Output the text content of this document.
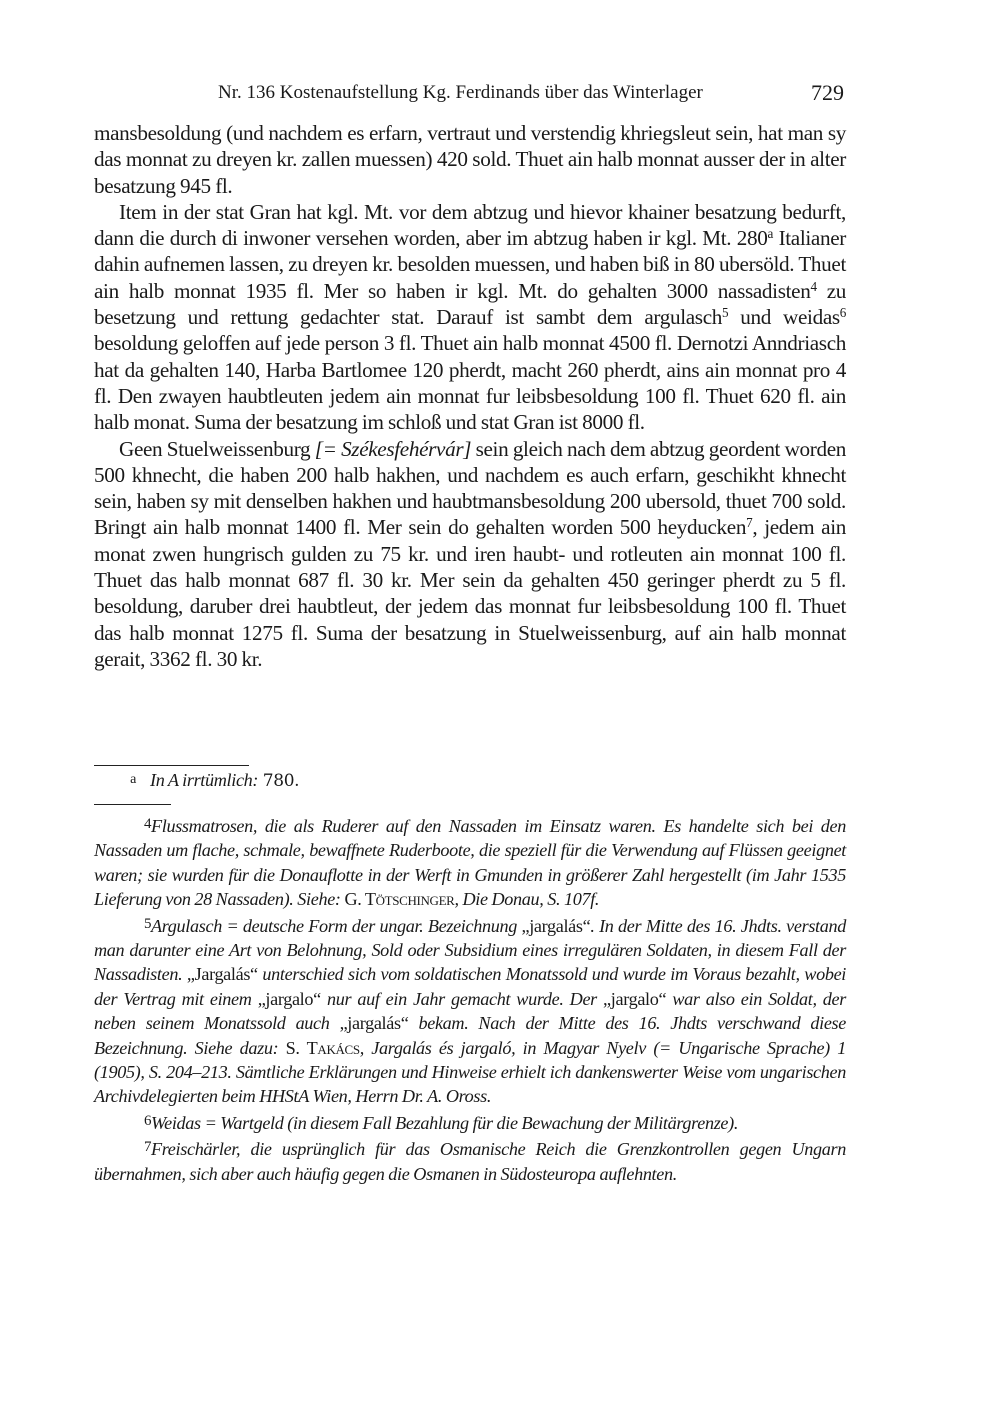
Nr. 136 Kostenaufstellung Kg. Ferdinands über das Winterlager	729

mansbesoldung (und nachdem es erfarn, vertraut und verstendig khriegsleut sein, hat man sy das monnat zu dreyen kr. zallen muessen) 420 sold. Thuet ain halb monnat ausser der in alter besatzung 945 fl.

Item in der stat Gran hat kgl. Mt. vor dem abtzug und hievor khainer besatzung bedurft, dann die durch di inwoner versehen worden, aber im abtzug haben ir kgl. Mt. 280$^a$ Italianer dahin aufnemen lassen, zu dreyen kr. besolden muessen, und haben biß in 80 ubersöld. Thuet ain halb monnat 1935 fl. Mer so haben ir kgl. Mt. do gehalten 3000 nassadisten$^4$ zu besetzung und rettung gedachter stat. Darauf ist sambt dem argulasch$^5$ und weidas$^6$ besoldung geloffen auf jede person 3 fl. Thuet ain halb monnat 4500 fl. Dernotzi Anndriasch hat da gehalten 140, Harba Bartlomee 120 pherdt, macht 260 pherdt, ains ain monnat pro 4 fl. Den zwayen haubtleuten jedem ain monnat fur leibsbesoldung 100 fl. Thuet 620 fl. ain halb monat. Suma der besatzung im schloß und stat Gran ist 8000 fl.

Geen Stuelweissenburg [= Székesfehérvár] sein gleich nach dem abtzug geordent worden 500 khnecht, die haben 200 halb hakhen, und nachdem es auch erfarn, geschikht khnecht sein, haben sy mit denselben hakhen und haubtmansbesoldung 200 ubersold, thuet 700 sold. Bringt ain halb monnat 1400 fl. Mer sein do gehalten worden 500 heyducken$^7$, jedem ain monat zwen hungrisch gulden zu 75 kr. und iren haubt- und rotleuten ain monnat 100 fl. Thuet das halb monnat 687 fl. 30 kr. Mer sein da gehalten 450 geringer pherdt zu 5 fl. besoldung, daruber drei haubtleut, der jedem das monnat fur leibsbesoldung 100 fl. Thuet das halb monnat 1275 fl. Suma der besatzung in Stuelweissenburg, auf ain halb monnat gerait, 3362 fl. 30 kr.

a In A irrtümlich: 780.

4Flussmatrosen, die als Ruderer auf den Nassaden im Einsatz waren. Es handelte sich bei den Nassaden um flache, schmale, bewaffnete Ruderboote, die speziell für die Verwendung auf Flüssen geeignet waren; sie wurden für die Donauflotte in der Werft in Gmunden in größerer Zahl hergestellt (im Jahr 1535 Lieferung von 28 Nassaden). Siehe: G. Tötschinger, Die Donau, S. 107f.

5Argulasch = deutsche Form der ungar. Bezeichnung „jargalás“. In der Mitte des 16. Jhdts. verstand man darunter eine Art von Belohnung, Sold oder Subsidium eines irregulären Soldaten, in diesem Fall der Nassadisten. „Jargalás“ unterschied sich vom soldatischen Monatssold und wurde im Voraus bezahlt, wobei der Vertrag mit einem „jargalo“ nur auf ein Jahr gemacht wurde. Der „jargalo“ war also ein Soldat, der neben seinem Monatssold auch „jargalás“ bekam. Nach der Mitte des 16. Jhdts verschwand diese Bezeichnung. Siehe dazu: S. Takács, Jargalás és jargaló, in Magyar Nyelv (= Ungarische Sprache) 1 (1905), S. 204–213. Sämtliche Erklärungen und Hinweise erhielt ich dankenswerter Weise vom ungarischen Archivdelegierten beim HHStA Wien, Herrn Dr. A. Oross.

6Weidas = Wartgeld (in diesem Fall Bezahlung für die Bewachung der Militärgrenze).

7Freischärler, die usprünglich für das Osmanische Reich die Grenzkontrollen gegen Ungarn übernahmen, sich aber auch häufig gegen die Osmanen in Südosteuropa auflehnten.
